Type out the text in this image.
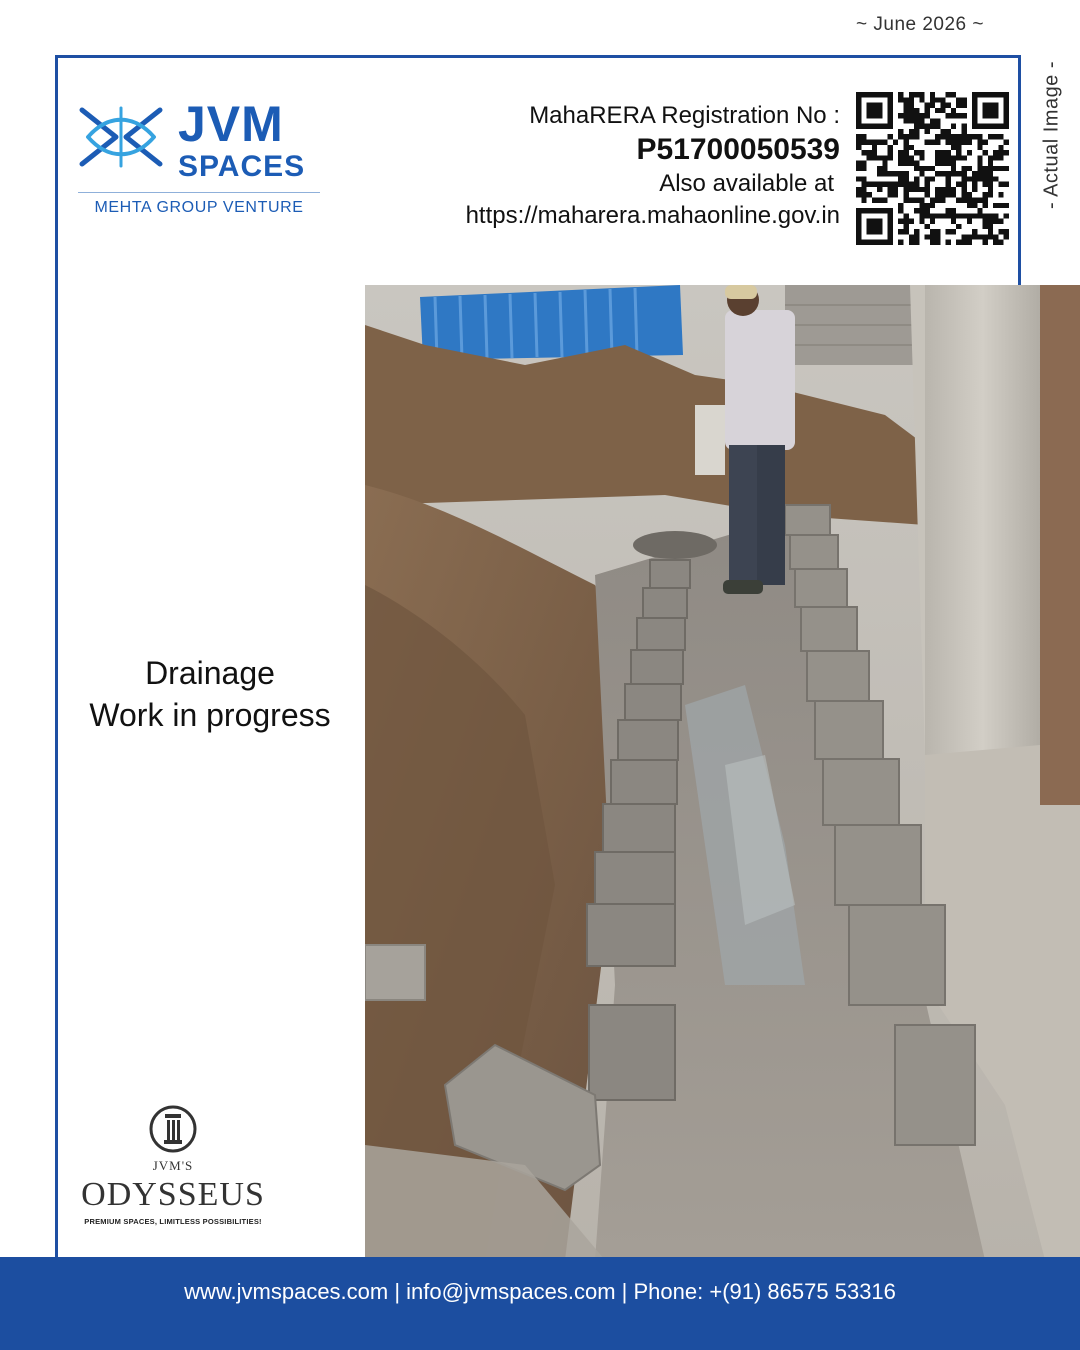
~ June 2026 ~
- Actual Image -
JVM
SPACES
MEHTA GROUP VENTURE
MahaRERA Registration No :
P51700050539
Also available at
https://maharera.mahaonline.gov.in
Drainage
Work in progress
JVM'S
ODYSSEUS
PREMIUM SPACES, LIMITLESS POSSIBILITIES!
www.jvmspaces.com | info@jvmspaces.com | Phone: +(91) 86575 53316
